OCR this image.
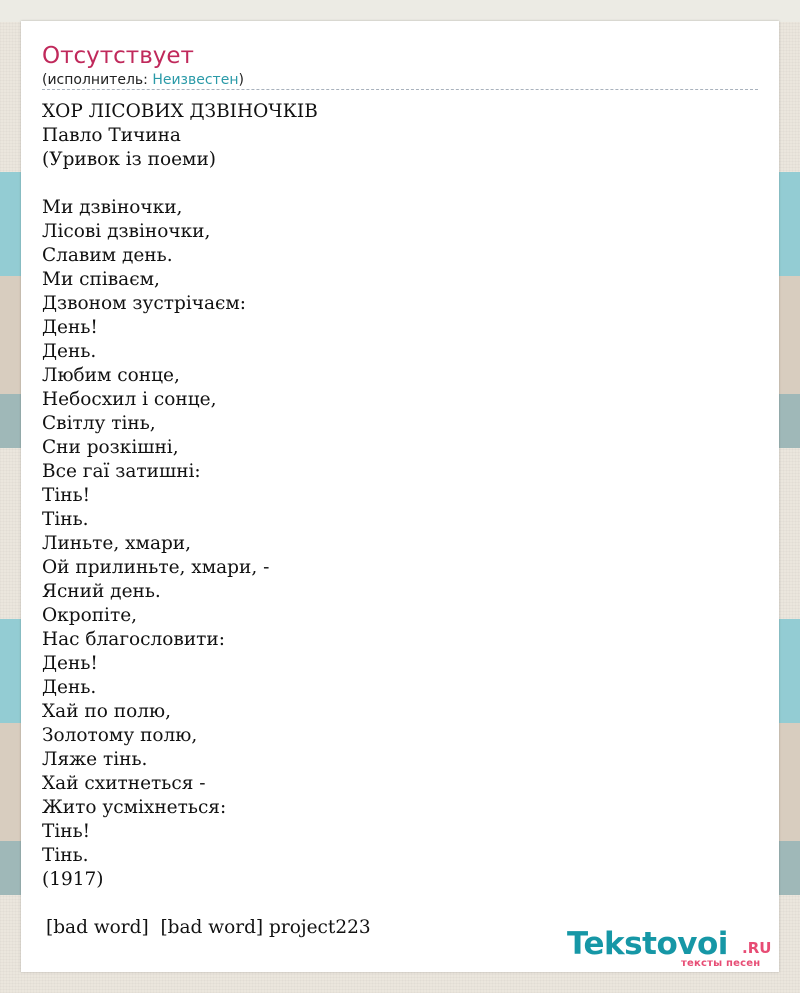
Отсутствует
(исполнитель: Неизвестен)
ХОР ЛІСОВИХ ДЗВІНОЧКІВ
Павло Тичина
(Уривок із поеми)
Ми дзвіночки,
Лісові дзвіночки,
Славим день.
Ми співаєм,
Дзвоном зустрічаєм:
День!
День.
Любим сонце,
Небосхил і сонце,
Світлу тінь,
Сни розкішні,
Все гаї затишні:
Тінь!
Тінь.
Линьте, хмари,
Ой прилиньте, хмари, -
Ясний день.
Окропіте,
Нас благословити:
День!
День.
Хай по полю,
Золотому полю,
Ляже тінь.
Хай схитнеться -
Жито усміхнеться:
Тінь!
Тінь.
(1917)
[bad word]  [bad word] project223	Tekstovoi .RU
тексты песен
